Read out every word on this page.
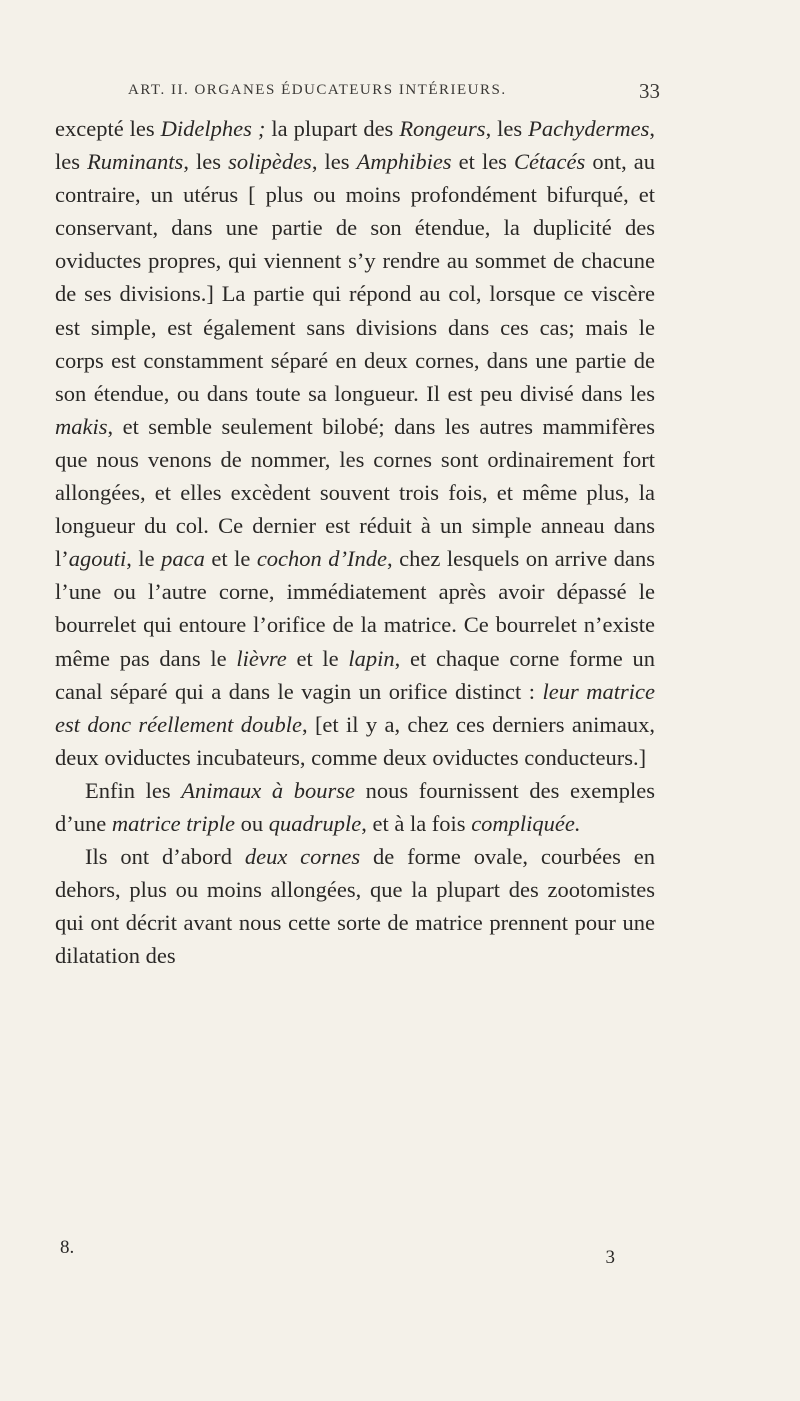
ART. II. ORGANES ÉDUCATEURS INTÉRIEURS.	33

excepté les Didelphes ; la plupart des Rongeurs, les Pachydermes, les Ruminants, les solipèdes, les Amphibies et les Cétacés ont, au contraire, un utérus [ plus ou moins profondément bifurqué, et conservant, dans une partie de son étendue, la duplicité des oviductes propres, qui viennent s’y rendre au sommet de chacune de ses divisions.] La partie qui répond au col, lorsque ce viscère est simple, est également sans divisions dans ces cas; mais le corps est constamment séparé en deux cornes, dans une partie de son étendue, ou dans toute sa longueur. Il est peu divisé dans les makis, et semble seulement bilobé; dans les autres mammifères que nous venons de nommer, les cornes sont ordinairement fort allongées, et elles excèdent souvent trois fois, et même plus, la longueur du col. Ce dernier est réduit à un simple anneau dans l’agouti, le paca et le cochon d’Inde, chez lesquels on arrive dans l’une ou l’autre corne, immédiatement après avoir dépassé le bourrelet qui entoure l’orifice de la matrice. Ce bourrelet n’existe même pas dans le lièvre et le lapin, et chaque corne forme un canal séparé qui a dans le vagin un orifice distinct : leur matrice est donc réellement double, [et il y a, chez ces derniers animaux, deux oviductes incubateurs, comme deux oviductes conducteurs.]

Enfin les Animaux à bourse nous fournissent des exemples d’une matrice triple ou quadruple, et à la fois compliquée.

Ils ont d’abord deux cornes de forme ovale, courbées en dehors, plus ou moins allongées, que la plupart des zootomistes qui ont décrit avant nous cette sorte de matrice prennent pour une dilatation des

8.	3
